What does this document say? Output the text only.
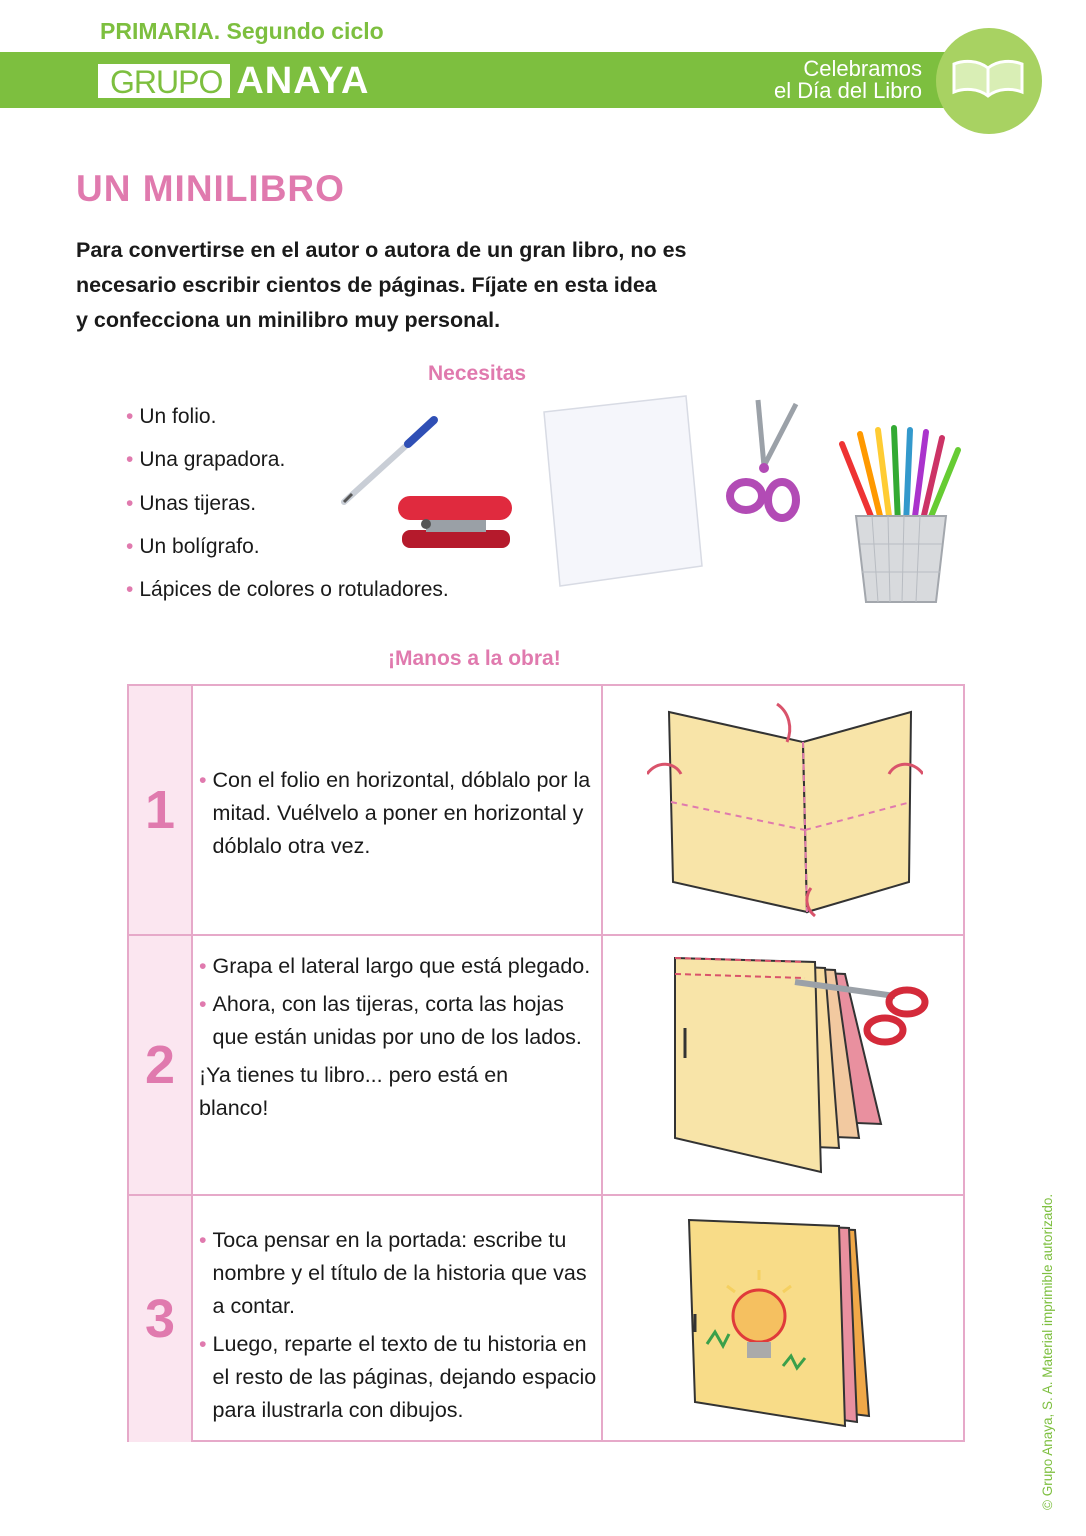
PRIMARIA. Segundo ciclo
GRUPO ANAYA	Celebramos
el Día del Libro
UN MINILIBRO
Para convertirse en el autor o autora de un gran libro, no es
necesario escribir cientos de páginas. Fíjate en esta idea
y confecciona un minilibro muy personal.
Necesitas
• Un folio.
• Una grapadora.
• Unas tijeras.
• Un bolígrafo.
• Lápices de colores o rotuladores.
¡Manos a la obra!
1	• Con el folio en horizontal, dóblalo por la mitad. Vuélvelo a poner en horizontal y dóblalo otra vez.
2
• Grapa el lateral largo que está plegado.
• Ahora, con las tijeras, corta las hojas que están unidas por uno de los lados.
¡Ya tienes tu libro... pero está en blanco!
3
• Toca pensar en la portada: escribe tu nombre y el título de la historia que vas a contar.
• Luego, reparte el texto de tu historia en el resto de las páginas, dejando espacio para ilustrarla con dibujos.	© Grupo Anaya, S. A. Material imprimible autorizado.
